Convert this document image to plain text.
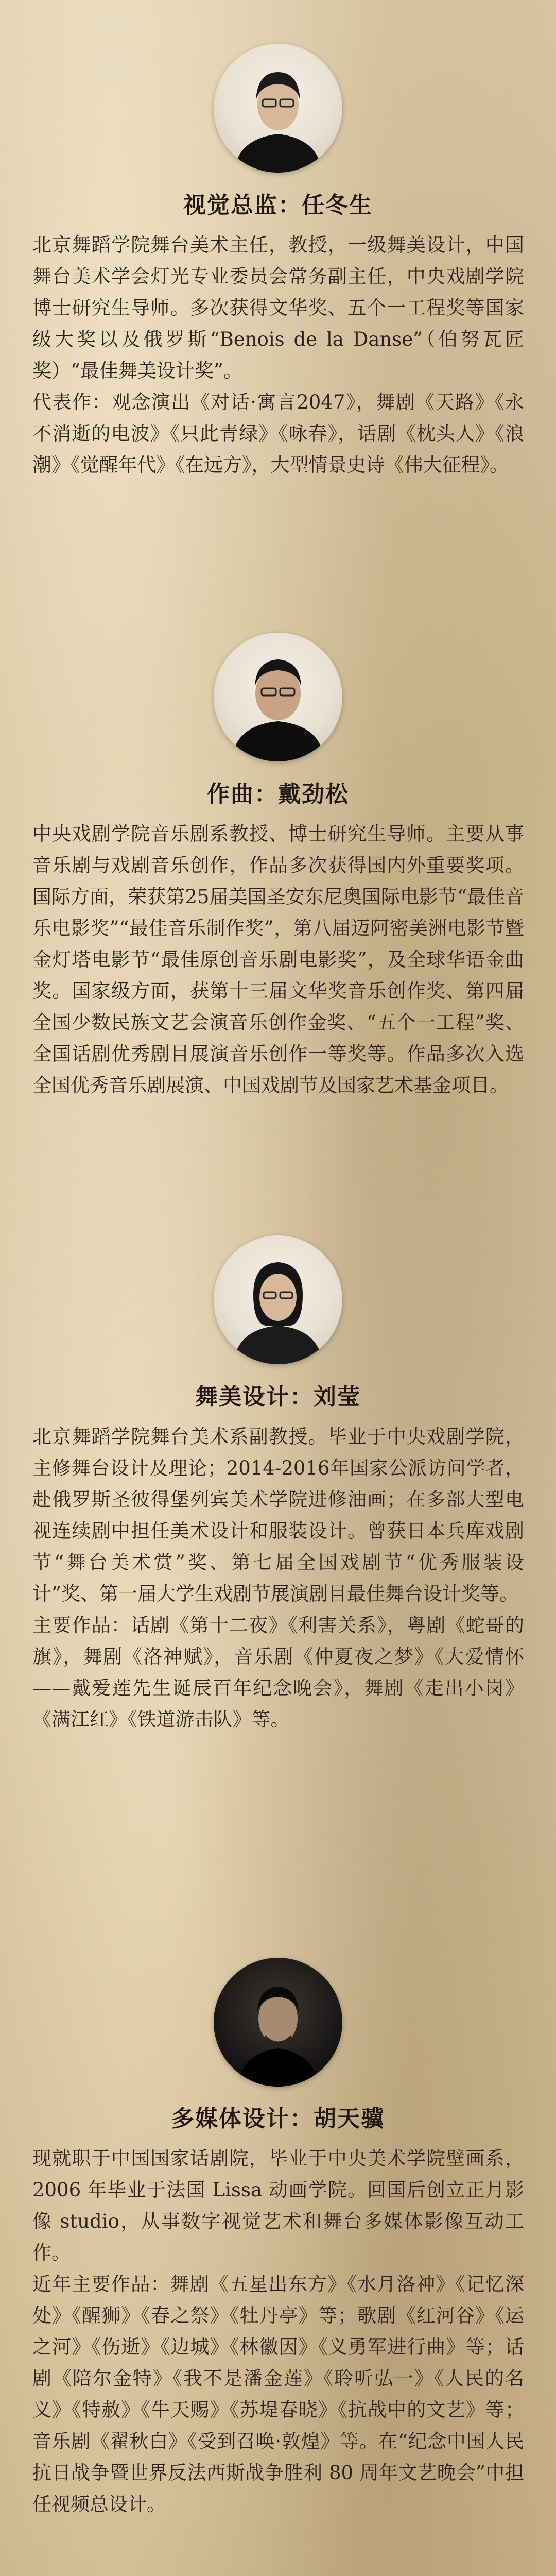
视觉总监：任冬生

北京舞蹈学院舞台美术主任，教授，一级舞美设计，中国舞台美术学会灯光专业委员会常务副主任，中央戏剧学院博士研究生导师。多次获得文华奖、五个一工程奖等国家级大奖以及俄罗斯“Benois de la Danse”（伯努瓦匠奖）“最佳舞美设计奖”。

代表作：观念演出《对话·寓言2047》，舞剧《天路》《永不消逝的电波》《只此青绿》《咏春》，话剧《枕头人》《浪潮》《觉醒年代》《在远方》，大型情景史诗《伟大征程》。

作曲：戴劲松

中央戏剧学院音乐剧系教授、博士研究生导师。主要从事音乐剧与戏剧音乐创作，作品多次获得国内外重要奖项。国际方面，荣获第25届美国圣安东尼奥国际电影节“最佳音乐电影奖”“最佳音乐制作奖”，第八届迈阿密美洲电影节暨金灯塔电影节“最佳原创音乐剧电影奖”，及全球华语金曲奖。国家级方面，获第十三届文华奖音乐创作奖、第四届全国少数民族文艺会演音乐创作金奖、“五个一工程”奖、全国话剧优秀剧目展演音乐创作一等奖等。作品多次入选全国优秀音乐剧展演、中国戏剧节及国家艺术基金项目。

舞美设计：刘莹

北京舞蹈学院舞台美术系副教授。毕业于中央戏剧学院，主修舞台设计及理论；2014-2016年国家公派访问学者，赴俄罗斯圣彼得堡列宾美术学院进修油画；在多部大型电视连续剧中担任美术设计和服装设计。曾获日本兵库戏剧节“舞台美术赏”奖、第七届全国戏剧节“优秀服装设计”奖、第一届大学生戏剧节展演剧目最佳舞台设计奖等。

主要作品：话剧《第十二夜》《利害关系》，粤剧《蛇哥的旗》，舞剧《洛神赋》，音乐剧《仲夏夜之梦》《大爱情怀——戴爱莲先生诞辰百年纪念晚会》，舞剧《走出小岗》《满江红》《铁道游击队》等。

多媒体设计：胡天骥

现就职于中国国家话剧院，毕业于中央美术学院壁画系，2006 年毕业于法国 Lissa 动画学院。回国后创立正月影像 studio，从事数字视觉艺术和舞台多媒体影像互动工作。

近年主要作品：舞剧《五星出东方》《水月洛神》《记忆深处》《醒狮》《春之祭》《牡丹亭》等；歌剧《红河谷》《运之河》《伤逝》《边城》《林徽因》《义勇军进行曲》等；话剧《陪尔金特》《我不是潘金莲》《聆听弘一》《人民的名义》《特赦》《牛天赐》《苏堤春晓》《抗战中的文艺》等；音乐剧《翟秋白》《受到召唤·敦煌》等。在“纪念中国人民抗日战争暨世界反法西斯战争胜利 80 周年文艺晚会”中担任视频总设计。
